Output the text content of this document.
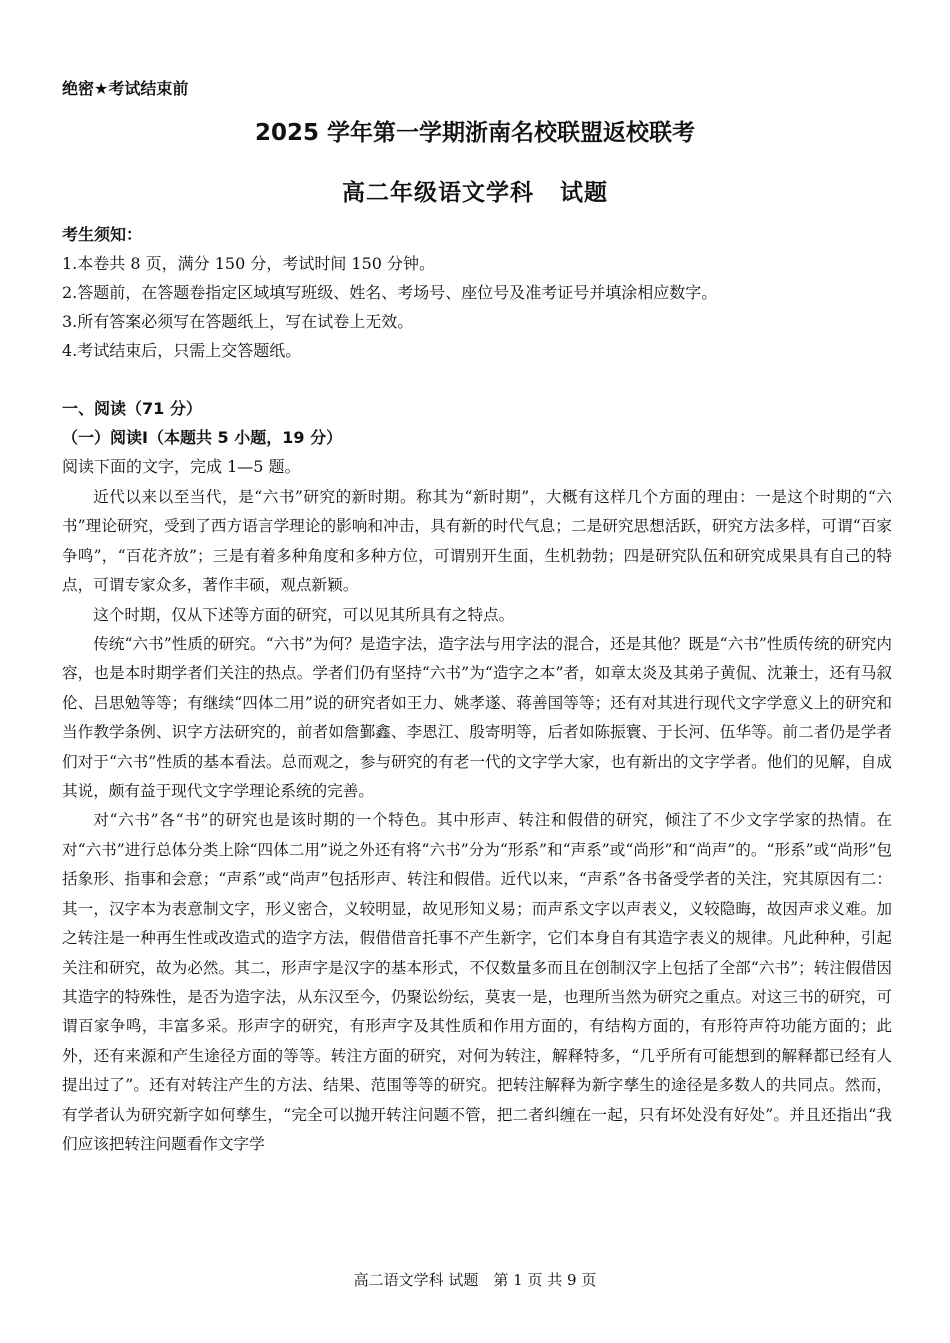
绝密★考试结束前
2025 学年第一学期浙南名校联盟返校联考
高二年级语文学科 试题
考生须知：
1.本卷共 8 页，满分 150 分，考试时间 150 分钟。
2.答题前，在答题卷指定区域填写班级、姓名、考场号、座位号及准考证号并填涂相应数字。
3.所有答案必须写在答题纸上，写在试卷上无效。
4.考试结束后，只需上交答题纸。
一、阅读（71 分）
（一）阅读Ⅰ（本题共 5 小题，19 分）
阅读下面的文字，完成 1—5 题。

近代以来以至当代，是“六书”研究的新时期。称其为“新时期”，大概有这样几个方面的理由：一是这个时期的“六书”理论研究，受到了西方语言学理论的影响和冲击，具有新的时代气息；二是研究思想活跃，研究方法多样，可谓“百家争鸣”，“百花齐放”；三是有着多种角度和多种方位，可谓别开生面，生机勃勃；四是研究队伍和研究成果具有自己的特点，可谓专家众多，著作丰硕，观点新颖。

这个时期，仅从下述等方面的研究，可以见其所具有之特点。

传统“六书”性质的研究。“六书”为何？是造字法，造字法与用字法的混合，还是其他？既是“六书”性质传统的研究内容，也是本时期学者们关注的热点。学者们仍有坚持“六书”为“造字之本”者，如章太炎及其弟子黄侃、沈兼士，还有马叙伦、吕思勉等等；有继续“四体二用”说的研究者如王力、姚孝遂、蒋善国等等；还有对其进行现代文字学意义上的研究和当作教学条例、识字方法研究的，前者如詹鄞鑫、李恩江、殷寄明等，后者如陈振寰、于长河、伍华等。前二者仍是学者们对于“六书”性质的基本看法。总而观之，参与研究的有老一代的文字学大家，也有新出的文字学者。他们的见解，自成其说，颇有益于现代文字学理论系统的完善。

对“六书”各“书”的研究也是该时期的一个特色。其中形声、转注和假借的研究，倾注了不少文字学家的热情。在对“六书”进行总体分类上除“四体二用”说之外还有将“六书”分为“形系”和“声系”或“尚形”和“尚声”的。“形系”或“尚形”包括象形、指事和会意；“声系”或“尚声”包括形声、转注和假借。近代以来，“声系”各书备受学者的关注，究其原因有二：其一，汉字本为表意制文字，形义密合，义较明显，故见形知义易；而声系文字以声表义，义较隐晦，故因声求义难。加之转注是一种再生性或改造式的造字方法，假借借音托事不产生新字，它们本身自有其造字表义的规律。凡此种种，引起关注和研究，故为必然。其二，形声字是汉字的基本形式，不仅数量多而且在创制汉字上包括了全部“六书”；转注假借因其造字的特殊性，是否为造字法，从东汉至今，仍聚讼纷纭，莫衷一是，也理所当然为研究之重点。对这三书的研究，可谓百家争鸣，丰富多采。形声字的研究，有形声字及其性质和作用方面的，有结构方面的，有形符声符功能方面的；此外，还有来源和产生途径方面的等等。转注方面的研究，对何为转注，解释特多，“几乎所有可能想到的解释都已经有人提出过了”。还有对转注产生的方法、结果、范围等等的研究。把转注解释为新字孳生的途径是多数人的共同点。然而，有学者认为研究新字如何孳生，“完全可以抛开转注问题不管，把二者纠缠在一起，只有坏处没有好处”。并且还指出“我们应该把转注问题看作文字学

高二语文学科 试题　第 1 页 共 9 页
